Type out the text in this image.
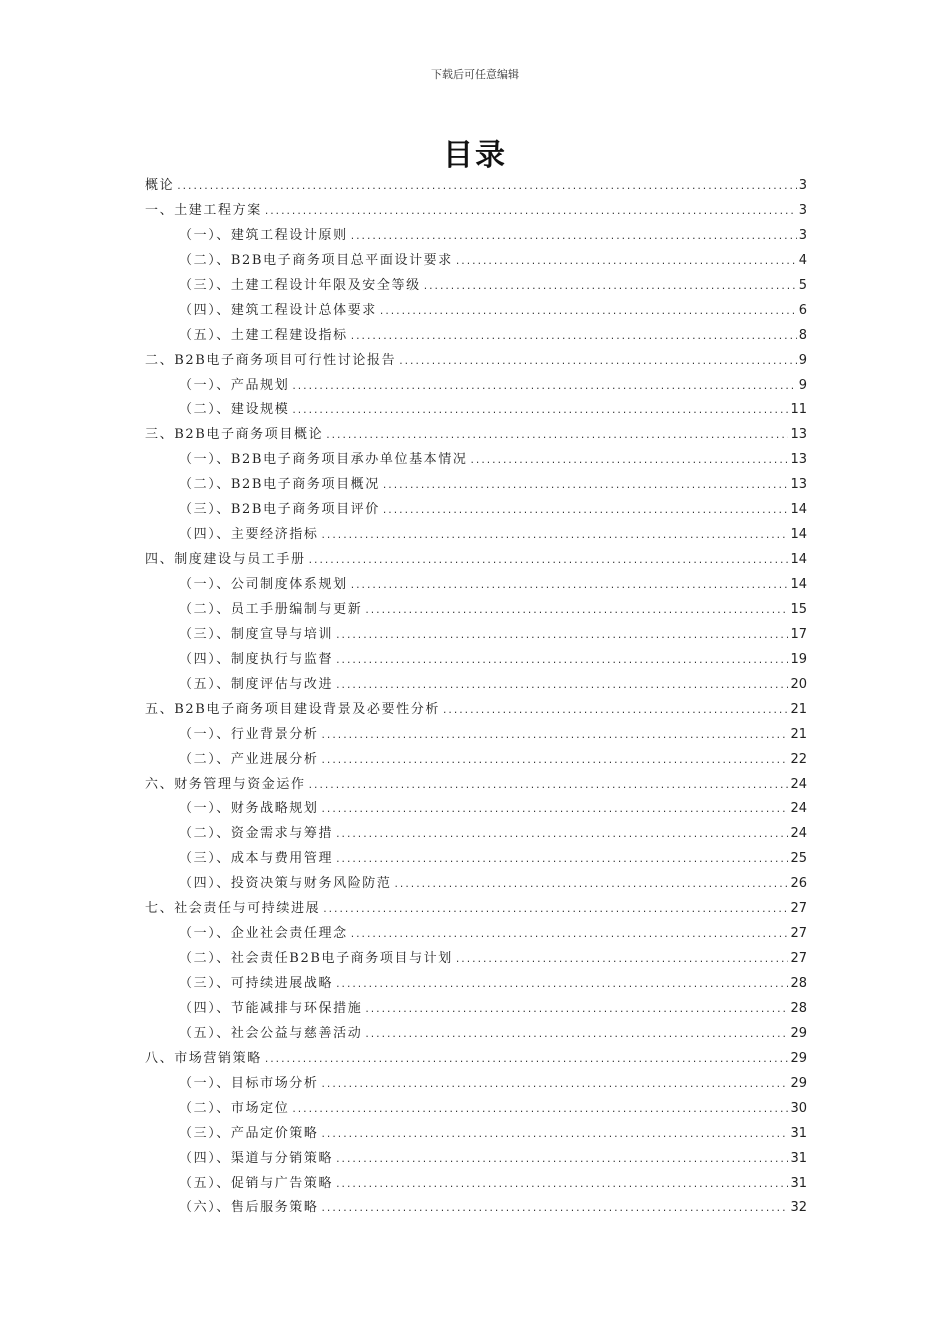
下载后可任意编辑
目录
概论 .....	3
一、土建工程方案 .....	3
（一）、建筑工程设计原则 .....	3
（二）、B2B电子商务项目总平面设计要求 .....	4
（三）、土建工程设计年限及安全等级 .....	5
（四）、建筑工程设计总体要求 .....	6
（五）、土建工程建设指标 .....	8
二、B2B电子商务项目可行性讨论报告 .....	9
（一）、产品规划 .....	9
（二）、建设规模 .....	11
三、B2B电子商务项目概论 .....	13
（一）、B2B电子商务项目承办单位基本情况 .....	13
（二）、B2B电子商务项目概况 .....	13
（三）、B2B电子商务项目评价 .....	14
（四）、主要经济指标 .....	14
四、制度建设与员工手册 .....	14
（一）、公司制度体系规划 .....	14
（二）、员工手册编制与更新 .....	15
（三）、制度宣导与培训 .....	17
（四）、制度执行与监督 .....	19
（五）、制度评估与改进 .....	20
五、B2B电子商务项目建设背景及必要性分析 .....	21
（一）、行业背景分析 .....	21
（二）、产业进展分析 .....	22
六、财务管理与资金运作 .....	24
（一）、财务战略规划 .....	24
（二）、资金需求与筹措 .....	24
（三）、成本与费用管理 .....	25
（四）、投资决策与财务风险防范 .....	26
七、社会责任与可持续进展 .....	27
（一）、企业社会责任理念 .....	27
（二）、社会责任B2B电子商务项目与计划 .....	27
（三）、可持续进展战略 .....	28
（四）、节能减排与环保措施 .....	28
（五）、社会公益与慈善活动 .....	29
八、市场营销策略 .....	29
（一）、目标市场分析 .....	29
（二）、市场定位 .....	30
（三）、产品定价策略 .....	31
（四）、渠道与分销策略 .....	31
（五）、促销与广告策略 .....	31
（六）、售后服务策略 .....	32
